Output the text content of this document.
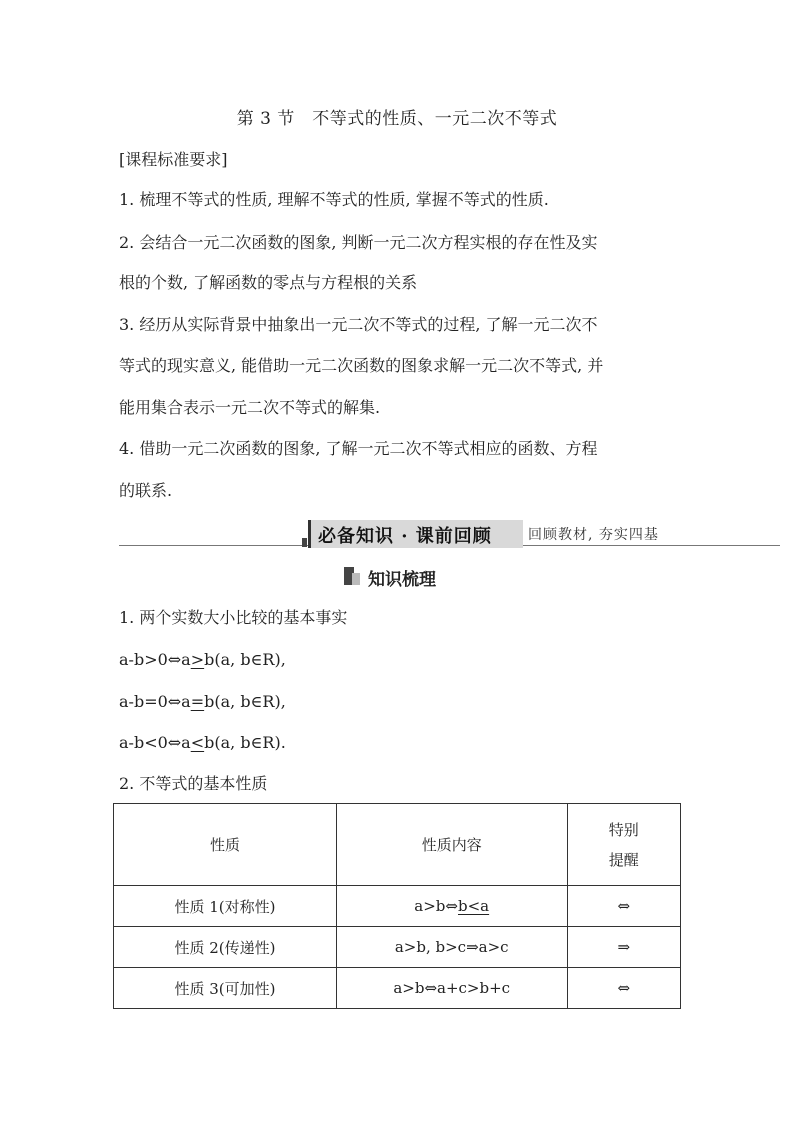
第 3 节　不等式的性质、一元二次不等式
[课程标准要求]
1. 梳理不等式的性质, 理解不等式的性质, 掌握不等式的性质.
2. 会结合一元二次函数的图象, 判断一元二次方程实根的存在性及实
根的个数, 了解函数的零点与方程根的关系
3. 经历从实际背景中抽象出一元二次不等式的过程, 了解一元二次不
等式的现实意义, 能借助一元二次函数的图象求解一元二次不等式, 并
能用集合表示一元二次不等式的解集.
4. 借助一元二次函数的图象, 了解一元二次不等式相应的函数、方程
的联系.
必备知识 · 课前回顾	回顾教材, 夯实四基
知识梳理
1. 两个实数大小比较的基本事实
a-b>0⇔a>b(a, b∈R),
a-b=0⇔a=b(a, b∈R),
a-b<0⇔a<b(a, b∈R).
2. 不等式的基本性质
性质	性质内容	特别提醒
性质 1(对称性)	a>b⇔b<a	⇔
性质 2(传递性)	a>b, b>c⇒a>c	⇒
性质 3(可加性)	a>b⇔a+c>b+c	⇔
